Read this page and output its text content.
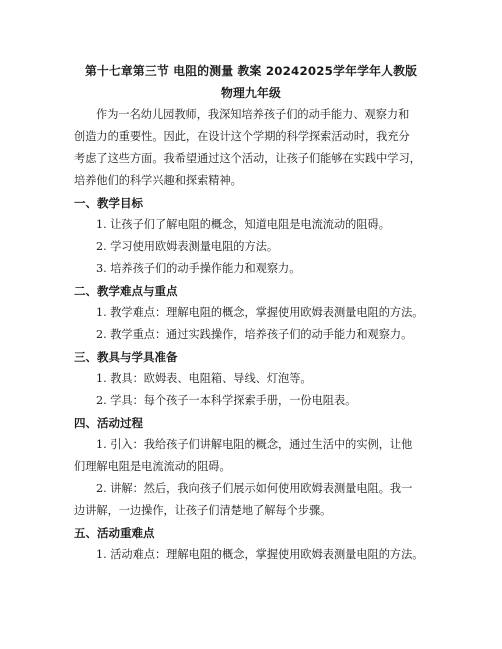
第十七章第三节 电阻的测量 教案 20242025学年学年人教版
物理九年级
作为一名幼儿园教师，我深知培养孩子们的动手能力、观察力和
创造力的重要性。因此，在设计这个学期的科学探索活动时，我充分
考虑了这些方面。我希望通过这个活动，让孩子们能够在实践中学习，
培养他们的科学兴趣和探索精神。
一、教学目标
1. 让孩子们了解电阻的概念，知道电阻是电流流动的阻碍。
2. 学习使用欧姆表测量电阻的方法。
3. 培养孩子们的动手操作能力和观察力。
二、教学难点与重点
1. 教学难点：理解电阻的概念，掌握使用欧姆表测量电阻的方法。
2. 教学重点：通过实践操作，培养孩子们的动手能力和观察力。
三、教具与学具准备
1. 教具：欧姆表、电阻箱、导线、灯泡等。
2. 学具：每个孩子一本科学探索手册，一份电阻表。
四、活动过程
1. 引入：我给孩子们讲解电阻的概念，通过生活中的实例，让他
们理解电阻是电流流动的阻碍。
2. 讲解：然后，我向孩子们展示如何使用欧姆表测量电阻。我一
边讲解，一边操作，让孩子们清楚地了解每个步骤。
五、活动重难点
1. 活动难点：理解电阻的概念，掌握使用欧姆表测量电阻的方法。
